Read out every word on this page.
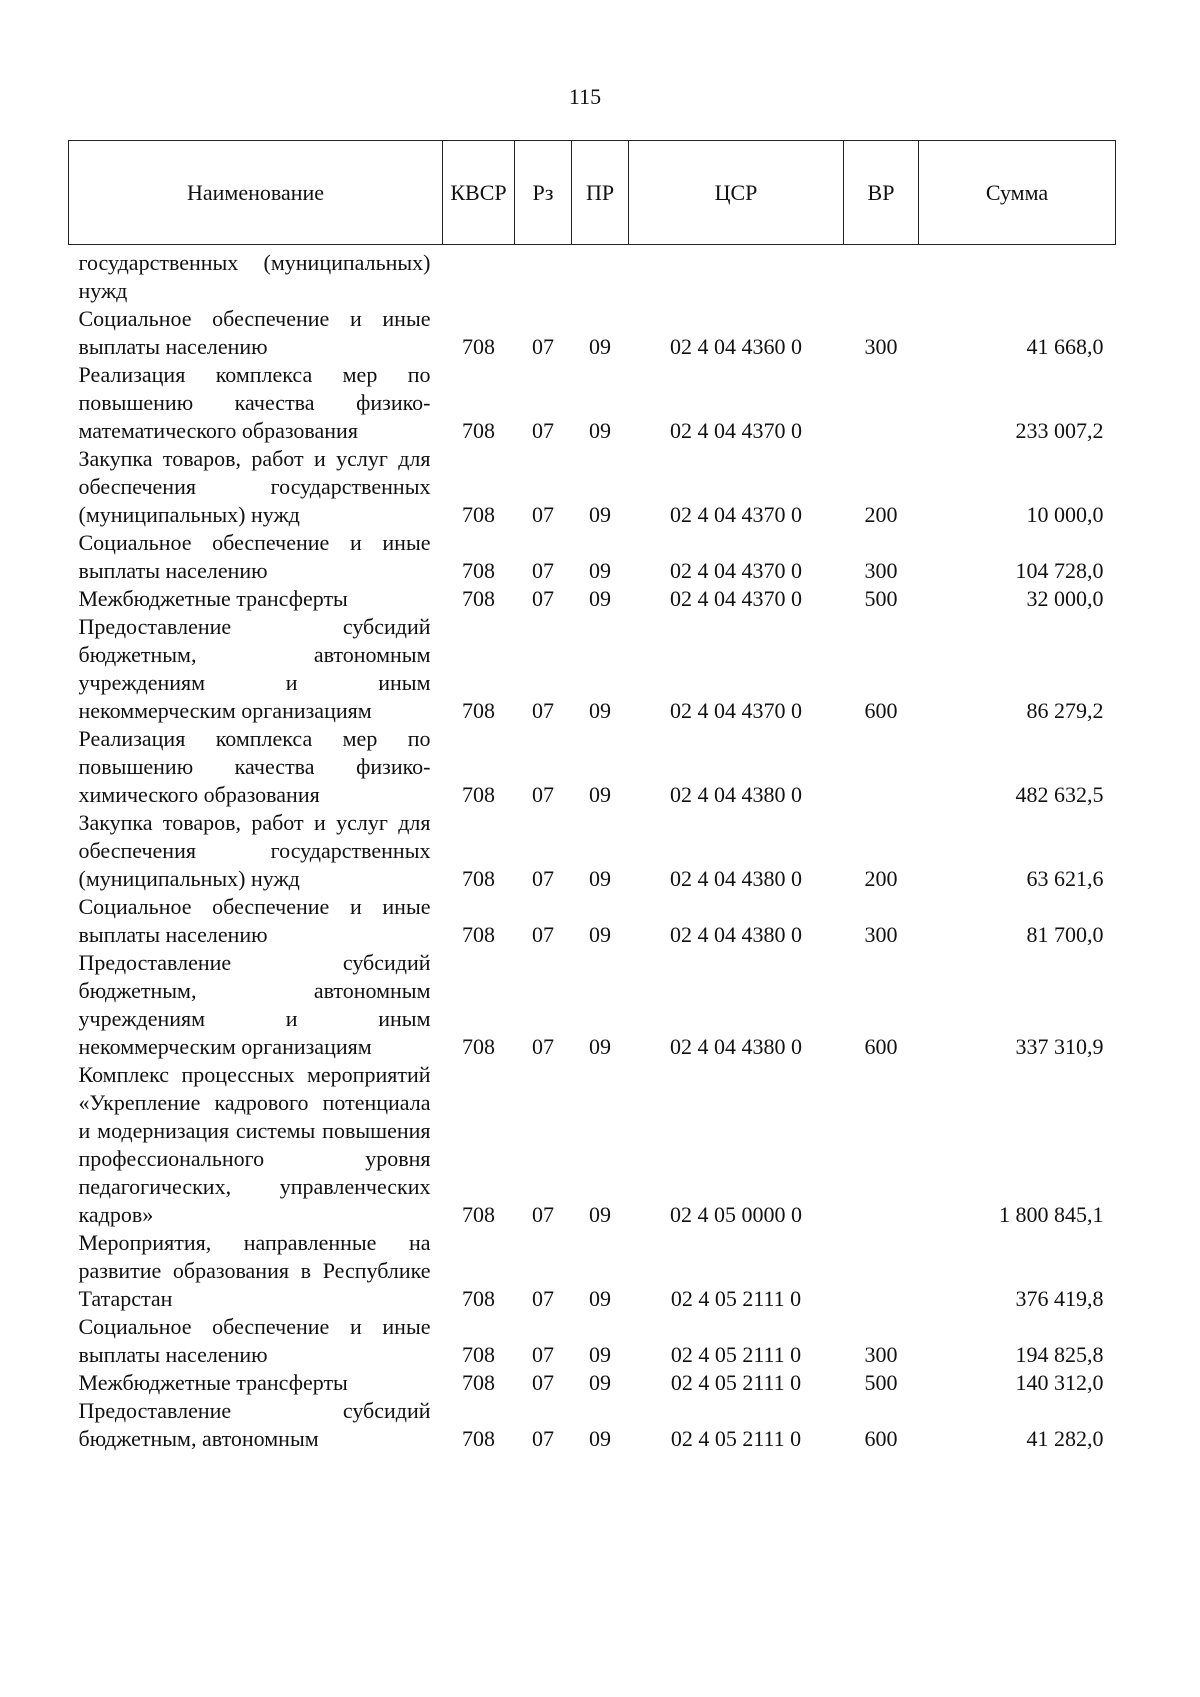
115
Наименование	КВСР	Рз	ПР	ЦСР	ВР	Сумма

государственных (муниципальных) нужд						
Социальное обеспечение и иные выплаты населению	708	07	09	02 4 04 4360 0	300	41 668,0
Реализация комплекса мер по повышению качества физико-математического образования	708	07	09	02 4 04 4370 0		233 007,2
Закупка товаров, работ и услуг для обеспечения государственных (муниципальных) нужд	708	07	09	02 4 04 4370 0	200	10 000,0
Социальное обеспечение и иные выплаты населению	708	07	09	02 4 04 4370 0	300	104 728,0
Межбюджетные трансферты	708	07	09	02 4 04 4370 0	500	32 000,0
Предоставление субсидий бюджетным, автономным учреждениям и иным некоммерческим организациям	708	07	09	02 4 04 4370 0	600	86 279,2
Реализация комплекса мер по повышению качества физико-химического образования	708	07	09	02 4 04 4380 0		482 632,5
Закупка товаров, работ и услуг для обеспечения государственных (муниципальных) нужд	708	07	09	02 4 04 4380 0	200	63 621,6
Социальное обеспечение и иные выплаты населению	708	07	09	02 4 04 4380 0	300	81 700,0
Предоставление субсидий бюджетным, автономным учреждениям и иным некоммерческим организациям	708	07	09	02 4 04 4380 0	600	337 310,9
Комплекс процессных мероприятий «Укрепление кадрового потенциала и модернизация системы повышения профессионального уровня педагогических, управленческих кадров»	708	07	09	02 4 05 0000 0		1 800 845,1
Мероприятия, направленные на развитие образования в Республике Татарстан	708	07	09	02 4 05 2111 0		376 419,8
Социальное обеспечение и иные выплаты населению	708	07	09	02 4 05 2111 0	300	194 825,8
Межбюджетные трансферты	708	07	09	02 4 05 2111 0	500	140 312,0
Предоставление субсидий бюджетным, автономным	708	07	09	02 4 05 2111 0	600	41 282,0
